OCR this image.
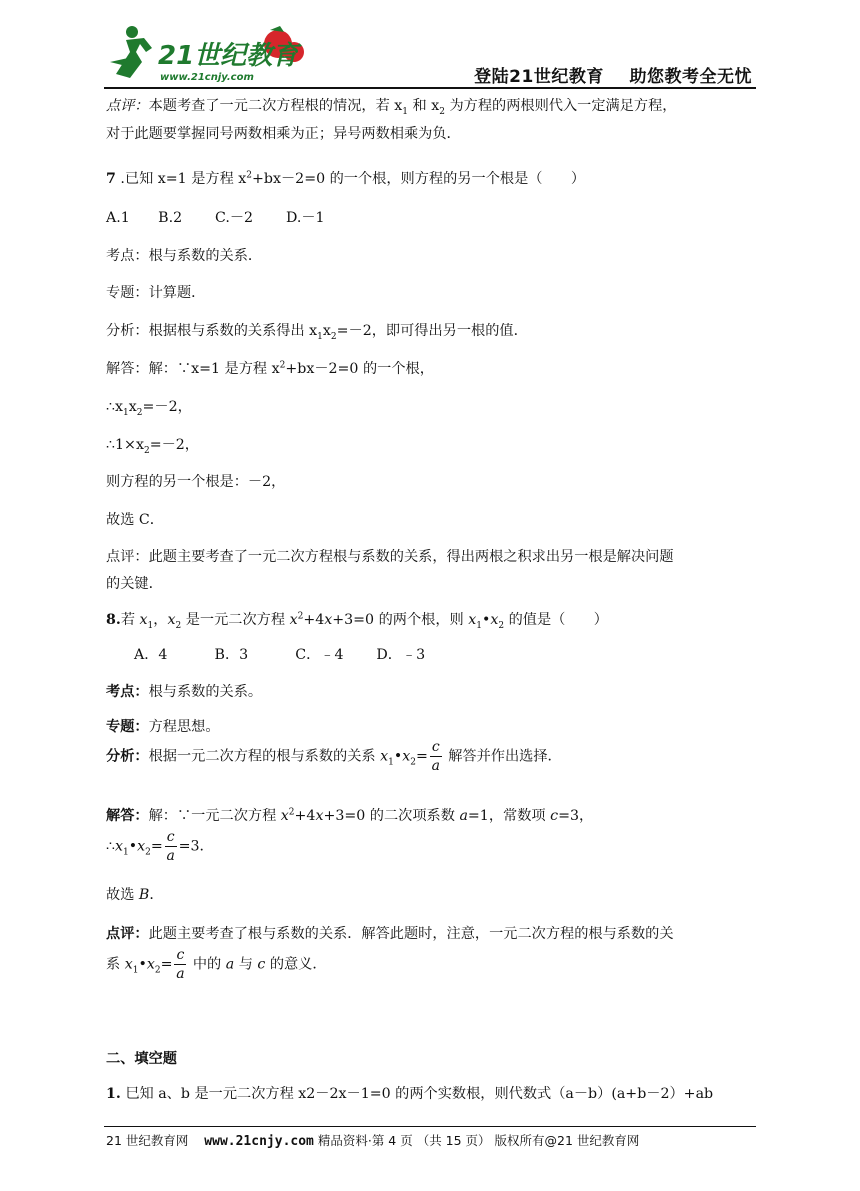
21世纪教育
www.21cnjy.com	登陆21世纪教育    助您教考全无忧
点评：本题考查了一元二次方程根的情况，若 $x_1$ 和 $x_2$ 为方程的两根则代入一定满足方程，
对于此题要掌握同号两数相乘为正；异号两数相乘为负．
7 .已知 x=1 是方程 $x^2+bx-2=0$ 的一个根，则方程的另一个根是（　　）
A.1　　B.2　　 C.－2　　 D.－1
考点：根与系数的关系．
专题：计算题．
分析：根据根与系数的关系得出 $x_1x_2=-2$，即可得出另一根的值．
解答：解：∵x=1 是方程 $x^2+bx-2=0$ 的一个根，
$\therefore x_1x_2=-2$，
$\therefore 1\times x_2=-2$，
则方程的另一个根是：－2，
故选 C．
点评：此题主要考查了一元二次方程根与系数的关系，得出两根之积求出另一根是解决问题
的关键．
8.若 $x_1$，$x_2$ 是一元二次方程 $x^2+4x+3=0$ 的两个根，则 $x_1•x_2$ 的值是（　　）
A．4　　　 B．3　　　 C．﹣4　　 D．﹣3
考点：根与系数的关系。
专题：方程思想。
分析：根据一元二次方程的根与系数的关系 $x_1•x_2= \frac{c}{a}$ 解答并作出选择．
解答：解：∵一元二次方程 $x^2+4x+3=0$ 的二次项系数 a=1，常数项 c=3，
$\therefore x_1•x_2= \frac{c}{a} =3$．
故选 B．
点评：此题主要考查了根与系数的关系．解答此题时，注意，一元二次方程的根与系数的关
系 $x_1•x_2= \frac{c}{a}$ 中的 a 与 c 的意义．
二、填空题
1. 巳知 a、b 是一元二次方程 x2－2x－1=0 的两个实数根，则代数式（a－b）(a+b－2）+ab
21 世纪教育网 www.21cnjy.com 精品资料·第 4 页 （共 15 页） 版权所有@21 世纪教育网
